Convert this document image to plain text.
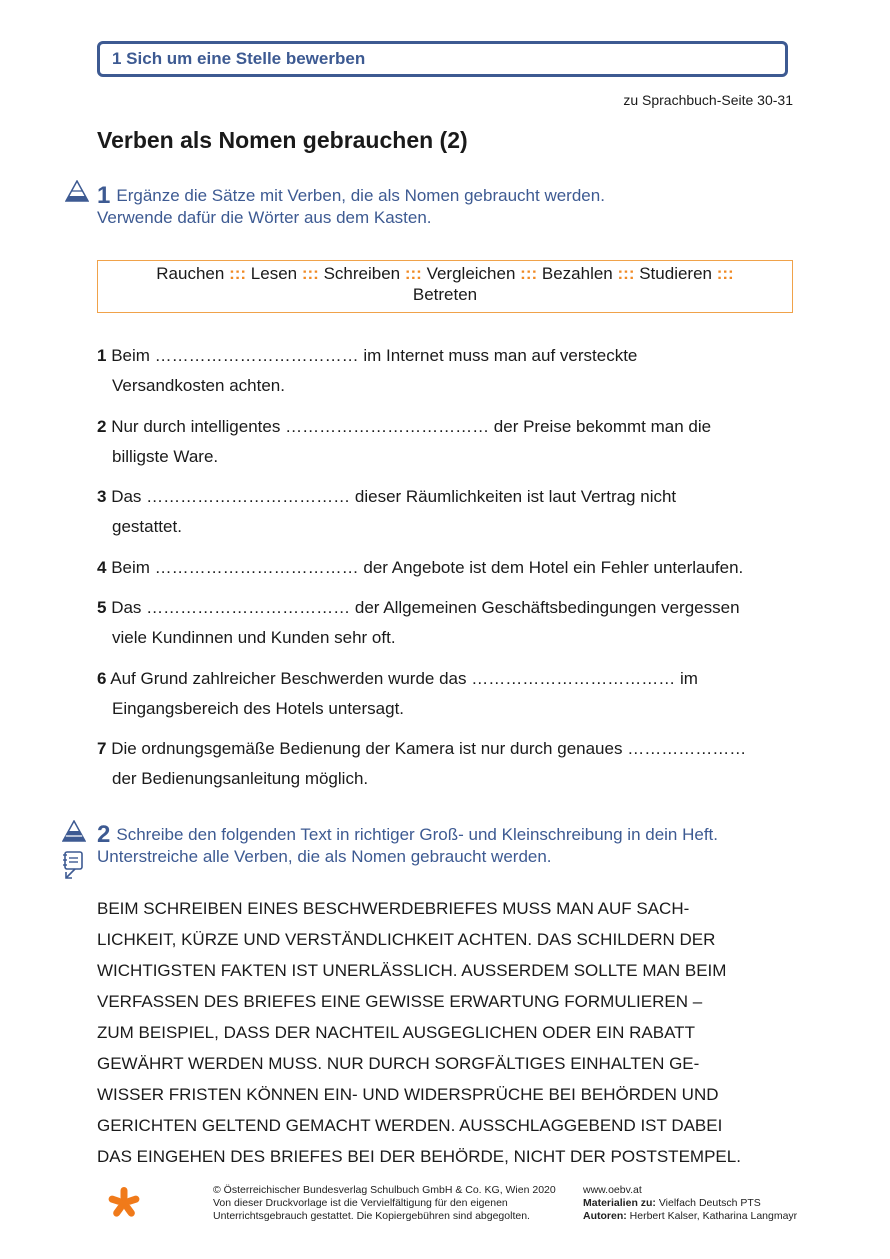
1 Sich um eine Stelle bewerben
zu Sprachbuch-Seite 30-31
Verben als Nomen gebrauchen (2)
1 Ergänze die Sätze mit Verben, die als Nomen gebraucht werden.
Verwende dafür die Wörter aus dem Kasten.
Rauchen ::: Lesen ::: Schreiben ::: Vergleichen ::: Bezahlen ::: Studieren :::
Betreten
1 Beim ……………………………… im Internet muss man auf versteckte
Versandkosten achten.
2 Nur durch intelligentes ……………………………… der Preise bekommt man die
billigste Ware.
3 Das ……………………………… dieser Räumlichkeiten ist laut Vertrag nicht
gestattet.
4 Beim ……………………………… der Angebote ist dem Hotel ein Fehler unterlaufen.
5 Das ……………………………… der Allgemeinen Geschäftsbedingungen vergessen
viele Kundinnen und Kunden sehr oft.
6 Auf Grund zahlreicher Beschwerden wurde das ……………………………… im
Eingangsbereich des Hotels untersagt.
7 Die ordnungsgemäße Bedienung der Kamera ist nur durch genaues …………………
der Bedienungsanleitung möglich.
2 Schreibe den folgenden Text in richtiger Groß- und Kleinschreibung in dein Heft.
Unterstreiche alle Verben, die als Nomen gebraucht werden.
BEIM SCHREIBEN EINES BESCHWERDEBRIEFES MUSS MAN AUF SACH-
LICHKEIT, KÜRZE UND VERSTÄNDLICHKEIT ACHTEN. DAS SCHILDERN DER
WICHTIGSTEN FAKTEN IST UNERLÄSSLICH. AUSSERDEM SOLLTE MAN BEIM
VERFASSEN DES BRIEFES EINE GEWISSE ERWARTUNG FORMULIEREN –
ZUM BEISPIEL, DASS DER NACHTEIL AUSGEGLICHEN ODER EIN RABATT
GEWÄHRT WERDEN MUSS. NUR DURCH SORGFÄLTIGES EINHALTEN GE-
WISSER FRISTEN KÖNNEN EIN- UND WIDERSPRÜCHE BEI BEHÖRDEN UND
GERICHTEN GELTEND GEMACHT WERDEN. AUSSCHLAGGEBEND IST DABEI
DAS EINGEHEN DES BRIEFES BEI DER BEHÖRDE, NICHT DER POSTSTEMPEL.
© Österreichischer Bundesverlag Schulbuch GmbH & Co. KG, Wien 2020
Von dieser Druckvorlage ist die Vervielfältigung für den eigenen
Unterrichtsgebrauch gestattet. Die Kopiergebühren sind abgegolten.
www.oebv.at
Materialien zu: Vielfach Deutsch PTS
Autoren: Herbert Kalser, Katharina Langmayr
